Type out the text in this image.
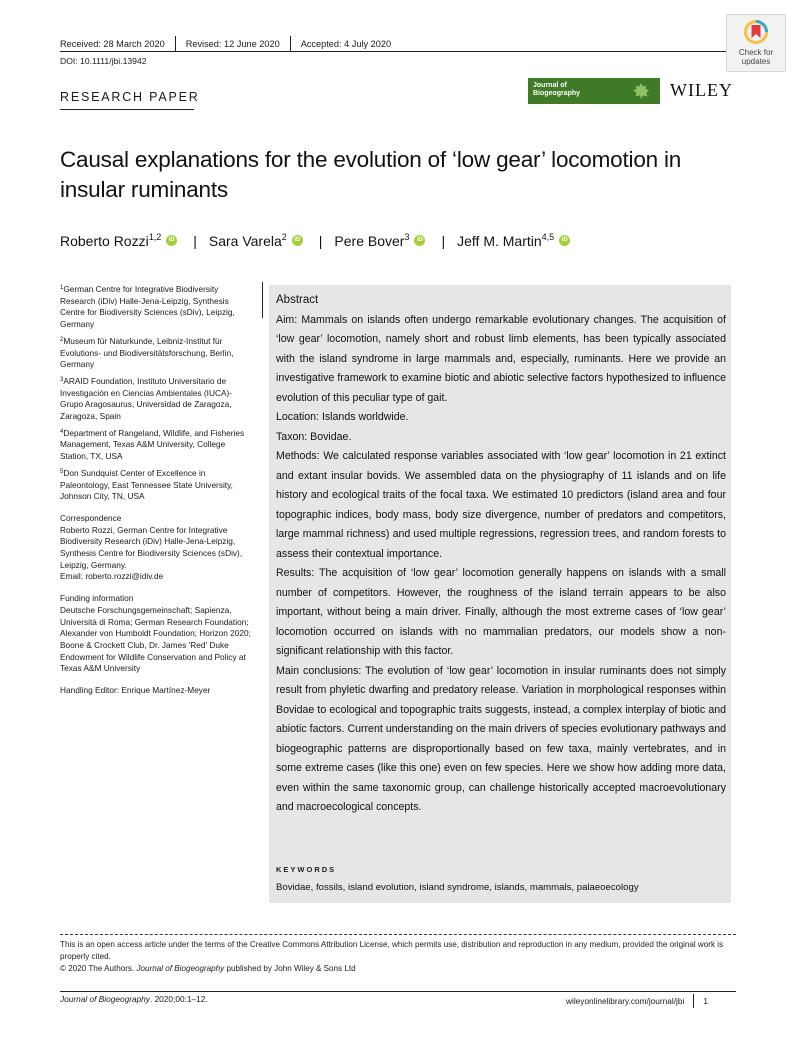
Received: 28 March 2020 Revised: 12 June 2020 Accepted: 4 July 2020
DOI: 10.1111/jbi.13942
RESEARCH PAPER
Journal of
Biogeography	WILEY
Check for
updates
Causal explanations for the evolution of ‘low gear’ locomotion in insular ruminants
Roberto Rozzi$^{1,2}$	iD | Sara Varela$^2$	iD | Pere Bover$^3$	iD | Jeff M. Martin$^{4,5}$	iD
$^1$German Centre for Integrative Biodiversity Research (iDiv) Halle-Jena-Leipzig, Synthesis Centre for Biodiversity Sciences (sDiv), Leipzig, Germany
$^2$Museum für Naturkunde, Leibniz-Institut für Evolutions- und Biodiversitätsforschung, Berlin, Germany
$^3$ARAID Foundation, Instituto Universitario de Investigación en Ciencias Ambientales (IUCA)-Grupo Aragosaurus, Universidad de Zaragoza, Zaragoza, Spain
$^4$Department of Rangeland, Wildlife, and Fisheries Management, Texas A&M University, College Station, TX, USA
$^5$Don Sundquist Center of Excellence in Paleontology, East Tennessee State University, Johnson City, TN, USA
Correspondence
Roberto Rozzi, German Centre for Integrative Biodiversity Research (iDiv) Halle-Jena-Leipzig, Synthesis Centre for Biodiversity Sciences (sDiv), Leipzig, Germany.
Email: roberto.rozzi@idiv.de
Funding information
Deutsche Forschungsgemeinschaft; Sapienza, Università di Roma; German Research Foundation; Alexander von Humboldt Foundation; Horizon 2020; Boone & Crockett Club, Dr. James 'Red' Duke Endowment for Wildlife Conservation and Policy at Texas A&M University
Handling Editor: Enrique Martínez-Meyer
Abstract
Aim: Mammals on islands often undergo remarkable evolutionary changes. The acquisition of ‘low gear’ locomotion, namely short and robust limb elements, has been typically associated with the island syndrome in large mammals and, especially, ruminants. Here we provide an investigative framework to examine biotic and abiotic selective factors hypothesized to influence evolution of this peculiar type of gait.
Location: Islands worldwide.
Taxon: Bovidae.
Methods: We calculated response variables associated with ‘low gear’ locomotion in 21 extinct and extant insular bovids. We assembled data on the physiography of 11 islands and on life history and ecological traits of the focal taxa. We estimated 10 predictors (island area and four topographic indices, body mass, body size divergence, number of predators and competitors, large mammal richness) and used multiple regressions, regression trees, and random forests to assess their contextual importance.
Results: The acquisition of ‘low gear’ locomotion generally happens on islands with a small number of competitors. However, the roughness of the island terrain appears to be also important, without being a main driver. Finally, although the most extreme cases of ‘low gear’ locomotion occurred on islands with no mammalian predators, our models show a non-significant relationship with this factor.
Main conclusions: The evolution of ‘low gear’ locomotion in insular ruminants does not simply result from phyletic dwarfing and predatory release. Variation in morphological responses within Bovidae to ecological and topographic traits suggests, instead, a complex interplay of biotic and abiotic factors. Current understanding on the main drivers of species evolutionary pathways and biogeographic patterns are disproportionally based on few taxa, mainly vertebrates, and in some extreme cases (like this one) even on few species. Here we show how adding more data, even within the same taxonomic group, can challenge historically accepted macroevolutionary and macroecological concepts.
KEYWORDS
Bovidae, fossils, island evolution, island syndrome, islands, mammals, palaeoecology
This is an open access article under the terms of the Creative Commons Attribution License, which permits use, distribution and reproduction in any medium, provided the original work is properly cited.
© 2020 The Authors. Journal of Biogeography published by John Wiley & Sons Ltd
Journal of Biogeography. 2020;00:1–12.	wileyonlinelibrary.com/journal/jbi 1
